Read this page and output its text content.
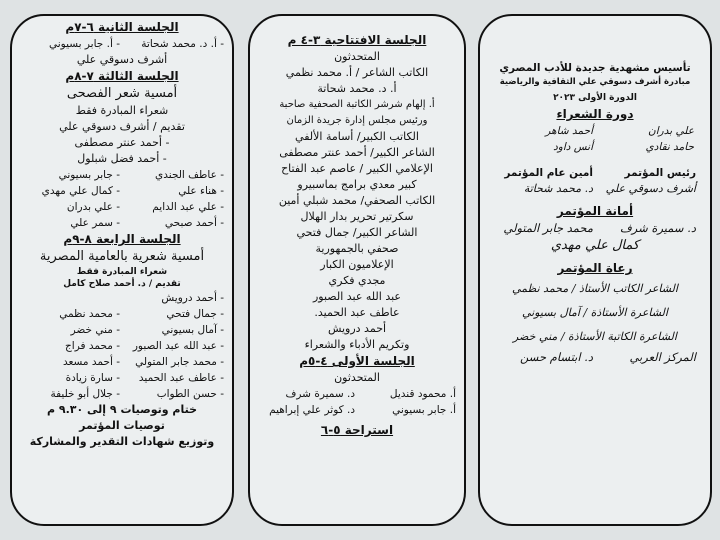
الجلسة الثانية ٦-٧م
- أ. د. محمد شحاتة
- أ. جابر بسيوني
أشرف دسوقي علي
الجلسة الثالثة ٧-٨م
أمسية شعر الفصحى
شعراء المبادرة فقط
تقديم / أشرف دسوقي علي
- أحمد عنتر مصطفى
- أحمد فضل شبلول
- عاطف الجندي
- جابر بسيوني
- هناء علي
- كمال علي مهدي
- علي عبد الدايم
- علي بدران
- أحمد صبحي
- سمر علي
الجلسة الرابعة ٨-٩م
أمسية شعرية بالعامية المصرية
شعراء المبادرة فقط
تقديم / د. أحمد صلاح كامل
- أحمد درويش
- جمال فتحي
- محمد نظمي
- آمال بسيوني
- مني خضر
- عبد الله عبد الصبور
- محمد فراج
- محمد جابر المتولي
- أحمد مسعد
- عاطف عبد الحميد
- سارة زيادة
- حسن الطواب
- جلال أبو خليفة
ختام وتوصيات ٩ إلى ٩.٣٠ م
توصيات المؤتمر
وتوزيع شهادات التقدير والمشاركة
الجلسة الافتتاحية ٣-٤ م
المتحدثون
الكاتب الشاعر / أ. محمد نظمي
أ. د. محمد شحاتة
أ. إلهام شرشر الكاتبة الصحفية صاحبة
ورئيس مجلس إدارة جريدة الزمان
الكاتب الكبير/ أسامة الألفي
الشاعر الكبير/ أحمد عنتر مصطفى
الإعلامي الكبير / عاصم عبد الفتاح
كبير معدي برامج بماسبيرو
الكاتب الصحفي/ محمد شبلي أمين
سكرتير تحرير بدار الهلال
الشاعر الكبير/ جمال فتحي
صحفي بالجمهورية
الإعلاميون الكبار
مجدي فكري
عبد الله عبد الصبور
عاطف عبد الحميد.
أحمد درويش
وتكريم الأدباء والشعراء
الجلسة الأولى ٤-٥م
المتحدثون
أ. محمود قنديل
د. سميرة شرف
أ. جابر بسيوني
د. كوثر علي إبراهيم
استراحة ٥-٦
تأسيس مشهدية جديدة للأدب المصري
مبادرة أشرف دسوقي علي الثقافية والرياضية
الدورة الأولى ٢٠٢٣
دورة الشعراء
علي بدران
أحمد شاهر
حامد نقادي
أنس داود
رئيس المؤتمر
أمين عام المؤتمر
أشرف دسوقي علي
د. محمد شحاتة
أمانة المؤتمر
د. سميرة شرف
محمد جابر المتولي
كمال علي مهدي
رعاة المؤتمر
الشاعر الكاتب الأستاذ / محمد نظمي
الشاعرة الأستاذة / آمال بسيوني
الشاعرة الكاتبة الأستاذة / مني خضر
المركز العربي
د. ابتسام حسن
